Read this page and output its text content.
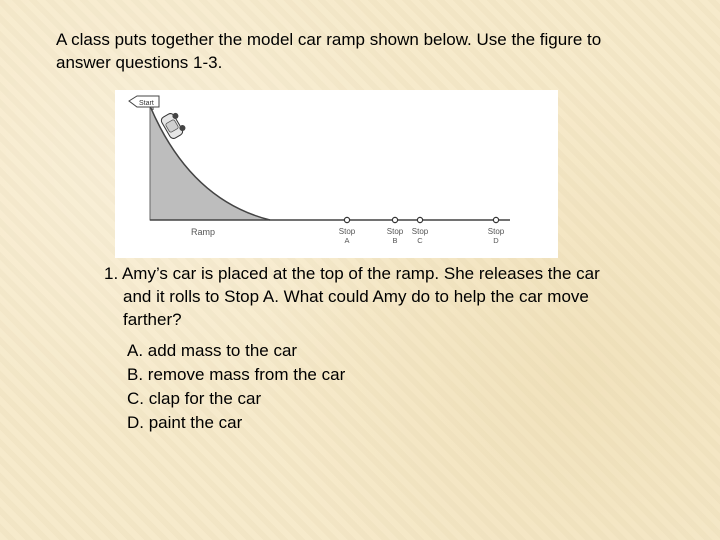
A class puts together the model car ramp shown below. Use the figure to answer questions 1-3.

Start
Ramp	Stop
A
Stop
B
Stop
C
Stop
D

1. Amy’s car is placed at the top of the ramp. She releases the car and it rolls to Stop A. What could Amy do to help the car move farther?

A. add mass to the car
B. remove mass from the car
C. clap for the car
D. paint the car
